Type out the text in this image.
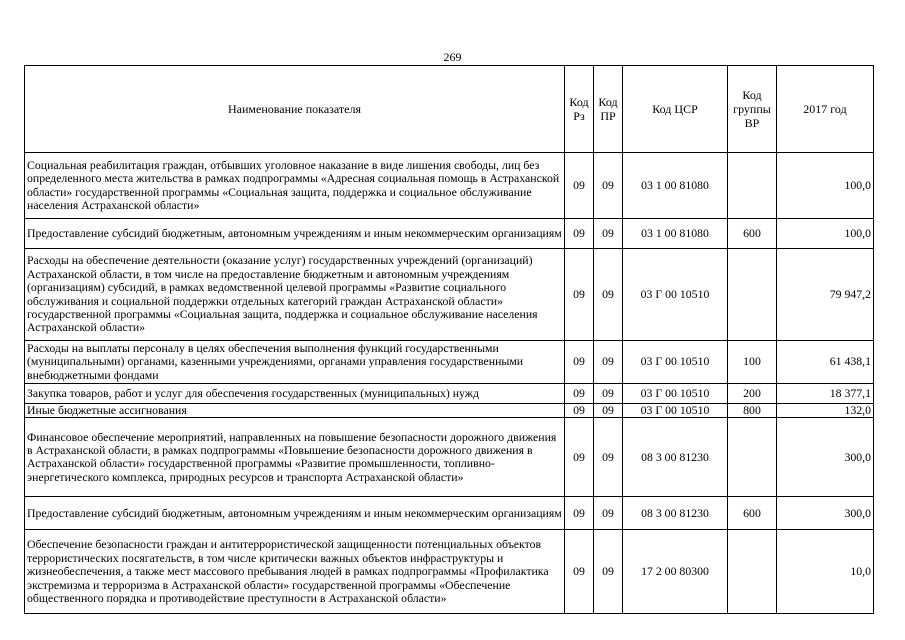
269
Наименование показателя	Код Рз	Код ПР	Код ЦСР	Код группы ВР	2017 год
Социальная реабилитация граждан, отбывших уголовное наказание в виде лишения свободы, лиц без определенного места жительства в рамках подпрограммы «Адресная социальная помощь в Астраханской области» государственной программы «Социальная защита, поддержка и социальное обслуживание населения Астраханской области»	09	09	03 1 00 81080		100,0
Предоставление субсидий бюджетным, автономным учреждениям и иным некоммерческим организациям	09	09	03 1 00 81080	600	100,0
Расходы на обеспечение деятельности (оказание услуг) государственных учреждений (организаций) Астраханской области, в том числе на предоставление бюджетным и автономным учреждениям (организациям) субсидий, в рамках ведомственной целевой программы «Развитие социального обслуживания и социальной поддержки отдельных категорий граждан Астраханской области» государственной программы «Социальная защита, поддержка и социальное обслуживание населения Астраханской области»	09	09	03 Г 00 10510		79 947,2
Расходы на выплаты персоналу в целях обеспечения выполнения функций государственными (муниципальными) органами, казенными учреждениями, органами управления государственными внебюджетными фондами	09	09	03 Г 00 10510	100	61 438,1
Закупка товаров, работ и услуг для обеспечения государственных (муниципальных) нужд	09	09	03 Г 00 10510	200	18 377,1
Иные бюджетные ассигнования	09	09	03 Г 00 10510	800	132,0
Финансовое обеспечение мероприятий, направленных на повышение безопасности дорожного движения в Астраханской области, в рамках подпрограммы «Повышение безопасности дорожного движения в Астраханской области» государственной программы «Развитие промышленности, топливно-энергетического комплекса, природных ресурсов и транспорта Астраханской области»	09	09	08 3 00 81230		300,0
Предоставление субсидий бюджетным, автономным учреждениям и иным некоммерческим организациям	09	09	08 3 00 81230	600	300,0
Обеспечение безопасности граждан и антитеррористической защищенности потенциальных объектов террористических посягательств, в том числе критически важных объектов инфраструктуры и жизнеобеспечения, а также мест массового пребывания людей в рамках подпрограммы «Профилактика экстремизма и терроризма в Астраханской области» государственной программы «Обеспечение общественного порядка и противодействие преступности в Астраханской области»	09	09	17 2 00 80300		10,0
